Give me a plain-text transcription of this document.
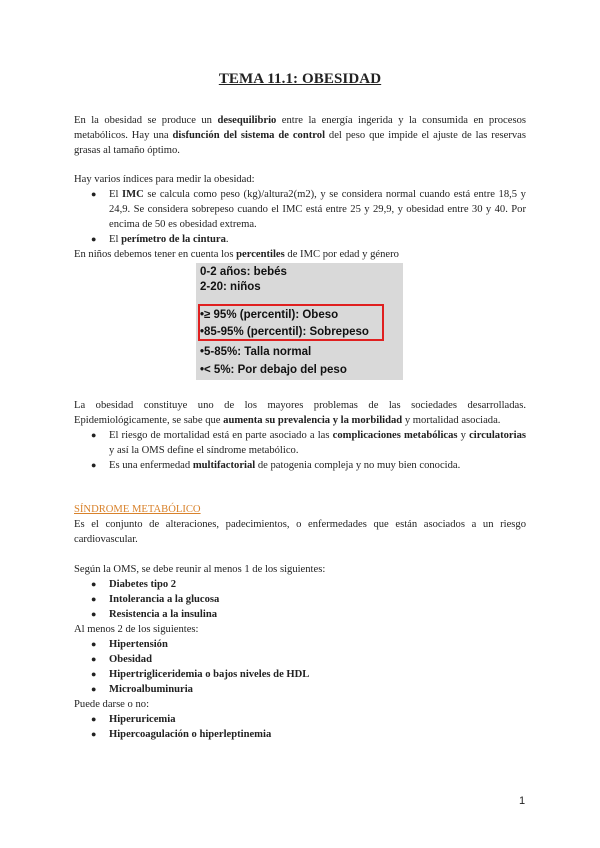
TEMA 11.1: OBESIDAD

En la obesidad se produce un desequilibrio entre la energía ingerida y la consumida en procesos metabólicos. Hay una disfunción del sistema de control del peso que impide el ajuste de las reservas grasas al tamaño óptimo.

Hay varios índices para medir la obesidad:

● El IMC se calcula como peso (kg)/altura2(m2), y se considera normal cuando está entre 18,5 y 24,9. Se considera sobrepeso cuando el IMC está entre 25 y 29,9, y obesidad entre 30 y 40. Por encima de 50 es obesidad extrema.
● El perímetro de la cintura.

En niños debemos tener en cuenta los percentiles de IMC por edad y género

0-2 años: bebés
2-20: niños
•≥ 95% (percentil): Obeso
•85-95% (percentil): Sobrepeso
•5-85%: Talla normal
•< 5%: Por debajo del peso

La obesidad constituye uno de los mayores problemas de las sociedades desarrolladas. Epidemiológicamente, se sabe que aumenta su prevalencia y la morbilidad y mortalidad asociada.

● El riesgo de mortalidad está en parte asociado a las complicaciones metabólicas y circulatorias y así la OMS define el síndrome metabólico.
● Es una enfermedad multifactorial de patogenia compleja y no muy bien conocida.

SÍNDROME METABÓLICO

Es el conjunto de alteraciones, padecimientos, o enfermedades que están asociados a un riesgo cardiovascular.

Según la OMS, se debe reunir al menos 1 de los siguientes:

● Diabetes tipo 2
● Intolerancia a la glucosa
● Resistencia a la insulina

Al menos 2 de los siguientes:

● Hipertensión
● Obesidad
● Hipertrigliceridemia o bajos niveles de HDL
● Microalbuminuria

Puede darse o no:

● Hiperuricemia
● Hipercoagulación o hiperleptinemia
1
